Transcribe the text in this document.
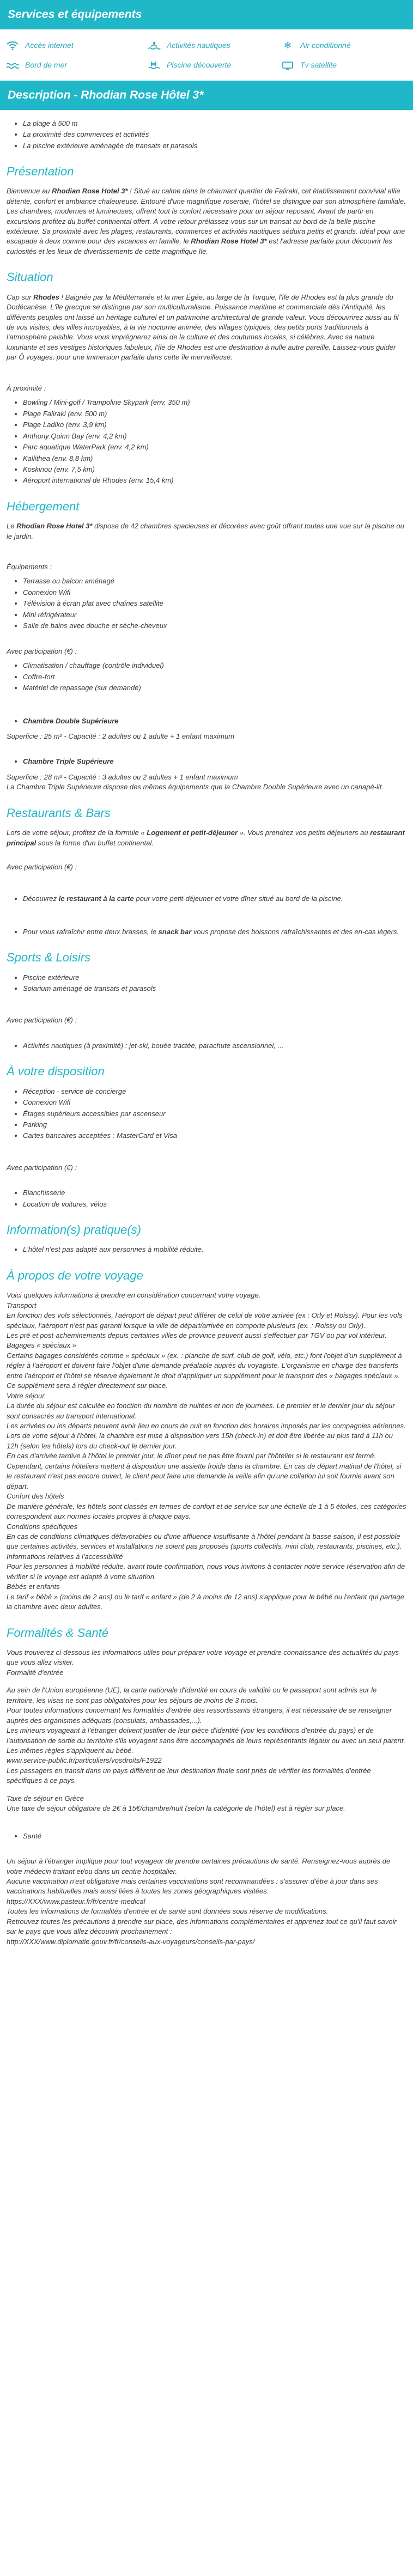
Services et équipements
Accès internet	Activités nautiques	❄	Air conditionné
Bord de mer	Piscine découverte	Tv satellite
Description - Rhodian Rose Hôtel 3*
• La plage à 500 m
• La proximité des commerces et activités
• La piscine extérieure aménagée de transats et parasols
Présentation

Bienvenue au Rhodian Rose Hotel 3* ! Situé au calme dans le charmant quartier de Faliraki, cet établissement convivial allie détente, confort et ambiance chaleureuse. Entouré d'une magnifique roseraie, l'hôtel se distingue par son atmosphère familiale. Les chambres, modernes et lumineuses, offrent tout le confort nécessaire pour un séjour reposant. Avant de partir en excursions profitez du buffet continental offert. À votre retour prélassez-vous sur un transat au bord de la belle piscine extérieure. Sa proximité avec les plages, restaurants, commerces et activités nautiques séduira petits et grands. Idéal pour une escapade à deux comme pour des vacances en famille, le Rhodian Rose Hotel 3* est l'adresse parfaite pour découvrir les curiosités et les lieux de divertissements de cette magnifique île.

Situation

Cap sur Rhodes ! Baignée par la Méditerranée et la mer Égée, au large de la Turquie, l'île de Rhodes est la plus grande du Dodécanèse. L'île grecque se distingue par son multiculturalisme. Puissance maritime et commerciale dès l'Antiquité, les différents peuples ont laissé un héritage culturel et un patrimoine architectural de grande valeur. Vous découvrirez aussi au fil de vos visites, des villes incroyables, à la vie nocturne animée, des villages typiques, des petits ports traditionnels à l'atmosphère paisible. Vous vous imprégnerez ainsi de la culture et des coutumes locales, si célèbres. Avec sa nature luxuriante et ses vestiges historiques fabuleux, l'île de Rhodes est une destination à nulle autre pareille. Laissez-vous guider par Ô voyages, pour une immersion parfaite dans cette île merveilleuse.

À proximité :

• Bowling / Mini-golf / Trampoline Skypark (env. 350 m)
• Plage Faliraki (env. 500 m)
• Plage Ladiko (env. 3,9 km)
• Anthony Quinn Bay (env. 4,2 km)
• Parc aquatique WaterPark (env. 4,2 km)
• Kallithea (env. 8,8 km)
• Koskinou (env. 7,5 km)
• Aéroport international de Rhodes (env. 15,4 km)
Hébergement

Le Rhodian Rose Hotel 3* dispose de 42 chambres spacieuses et décorées avec goût offrant toutes une vue sur la piscine ou le jardin.

Équipements :

• Terrasse ou balcon aménagé
• Connexion Wifi
• Télévision à écran plat avec chaînes satellite
• Mini réfrigérateur
• Salle de bains avec douche et sèche-cheveux

Avec participation (€) :

• Climatisation / chauffage (contrôle individuel)
• Coffre-fort
• Matériel de repassage (sur demande)
• Chambre Double Supérieure

Superficie : 25 m² - Capacité : 2 adultes ou 1 adulte + 1 enfant maximum

• Chambre Triple Supérieure

Superficie : 28 m² - Capacité : 3 adultes ou 2 adultes + 1 enfant maximum

La Chambre Triple Supérieure dispose des mêmes équipements que la Chambre Double Supérieure avec un canapé-lit.

Restaurants & Bars

Lors de votre séjour, profitez de la formule « Logement et petit-déjeuner ». Vous prendrez vos petits déjeuners au restaurant principal sous la forme d'un buffet continental.

Avec participation (€) :

• Découvrez le restaurant à la carte pour votre petit-déjeuner et votre dîner situé au bord de la piscine.
• Pour vous rafraîchir entre deux brasses, le snack bar vous propose des boissons rafraîchissantes et des en-cas légers.
Sports & Loisirs
• Piscine extérieure
• Solarium aménagé de transats et parasols

Avec participation (€) :

• Activités nautiques (à proximité) : jet-ski, bouée tractée, parachute ascensionnel, ...
À votre disposition
• Réception - service de concierge
• Connexion Wifi
• Étages supérieurs accessibles par ascenseur
• Parking
• Cartes bancaires acceptées : MasterCard et Visa

Avec participation (€) :

• Blanchisserie
• Location de voitures, vélos
Information(s) pratique(s)
• L'hôtel n'est pas adapté aux personnes à mobilité réduite.
À propos de votre voyage
Voici quelques informations à prendre en considération concernant votre voyage.
Transport
En fonction des vols sélectionnés, l'aéroport de départ peut différer de celui de votre arrivée (ex : Orly et Roissy). Pour les vols spéciaux, l'aéroport n'est pas garanti lorsque la ville de départ/arrivée en comporte plusieurs (ex. : Roissy ou Orly).
Les pré et post-acheminements depuis certaines villes de province peuvent aussi s'effectuer par TGV ou par vol intérieur.
Bagages « spéciaux »
Certains bagages considérés comme « spéciaux » (ex. : planche de surf, club de golf, vélo, etc.) font l'objet d'un supplément à régler à l'aéroport et doivent faire l'objet d'une demande préalable auprès du voyagiste. L'organisme en charge des transferts entre l'aéroport et l'hôtel se réserve également le droit d'appliquer un supplément pour le transport des « bagages spéciaux ». Ce supplément sera à régler directement sur place.
Votre séjour
La durée du séjour est calculée en fonction du nombre de nuitées et non de journées. Le premier et le dernier jour du séjour sont consacrés au transport international.
Les arrivées ou les départs peuvent avoir lieu en cours de nuit en fonction des horaires imposés par les compagnies aériennes.
Lors de votre séjour à l'hôtel, la chambre est mise à disposition vers 15h (check-in) et doit être libérée au plus tard à 11h ou 12h (selon les hôtels) lors du check-out le dernier jour.
En cas d'arrivée tardive à l'hôtel le premier jour, le dîner peut ne pas être fourni par l'hôtelier si le restaurant est fermé.
Cependant, certains hôteliers mettent à disposition une assiette froide dans la chambre. En cas de départ matinal de l'hôtel, si le restaurant n'est pas encore ouvert, le client peut faire une demande la veille afin qu'une collation lui soit fournie avant son départ.
Confort des hôtels
De manière générale, les hôtels sont classés en termes de confort et de service sur une échelle de 1 à 5 étoiles, ces catégories correspondent aux normes locales propres à chaque pays.
Conditions spécifiques
En cas de conditions climatiques défavorables ou d'une affluence insuffisante à l'hôtel pendant la basse saison, il est possible que certaines activités, services et installations ne soient pas proposés (sports collectifs, mini club, restaurants, piscines, etc.).
Informations relatives à l'accessibilité
Pour les personnes à mobilité réduite, avant toute confirmation, nous vous invitons à contacter notre service réservation afin de vérifier si le voyage est adapté à votre situation.
Bébés et enfants
Le tarif « bébé » (moins de 2 ans) ou le tarif « enfant » (de 2 à moins de 12 ans) s'applique pour le bébé ou l'enfant qui partage la chambre avec deux adultes.
Formalités & Santé
Vous trouverez ci-dessous les informations utiles pour préparer votre voyage et prendre connaissance des actualités du pays que vous allez visiter.
Formalité d'entrée
Au sein de l'Union européenne (UE), la carte nationale d'identité en cours de validité ou le passeport sont admis sur le territoire, les visas ne sont pas obligatoires pour les séjours de moins de 3 mois.
Pour toutes informations concernant les formalités d'entrée des ressortissants étrangers, il est nécessaire de se renseigner auprès des organismes adéquats (consulats, ambassades,...).
Les mineurs voyageant à l'étranger doivent justifier de leur pièce d'identité (voir les conditions d'entrée du pays) et de l'autorisation de sortie du territoire s'ils voyagent sans être accompagnés de leurs représentants légaux ou avec un seul parent. Les mêmes règles s'appliquent au bébé.
www.service-public.fr/particuliers/vosdroits/F1922
Les passagers en transit dans un pays différent de leur destination finale sont priés de vérifier les formalités d'entrée spécifiques à ce pays.
Taxe de séjour en Grèce
Une taxe de séjour obligatoire de 2€ à 15€/chambre/nuit (selon la catégorie de l'hôtel) est à régler sur place.
• Santé
Un séjour à l'étranger implique pour tout voyageur de prendre certaines précautions de santé. Renseignez-vous auprès de votre médecin traitant et/ou dans un centre hospitalier.
Aucune vaccination n'est obligatoire mais certaines vaccinations sont recommandées : s'assurer d'être à jour dans ses vaccinations habituelles mais aussi liées à toutes les zones géographiques visitées.
https://XXX/www.pasteur.fr/fr/centre-medical
Toutes les informations de formalités d'entrée et de santé sont données sous réserve de modifications.
Retrouvez toutes les précautions à prendre sur place, des informations complémentaires et apprenez-tout ce qu'il faut savoir sur le pays que vous allez découvrir prochainement :
http://XXX/www.diplomatie.gouv.fr/fr/conseils-aux-voyageurs/conseils-par-pays/
